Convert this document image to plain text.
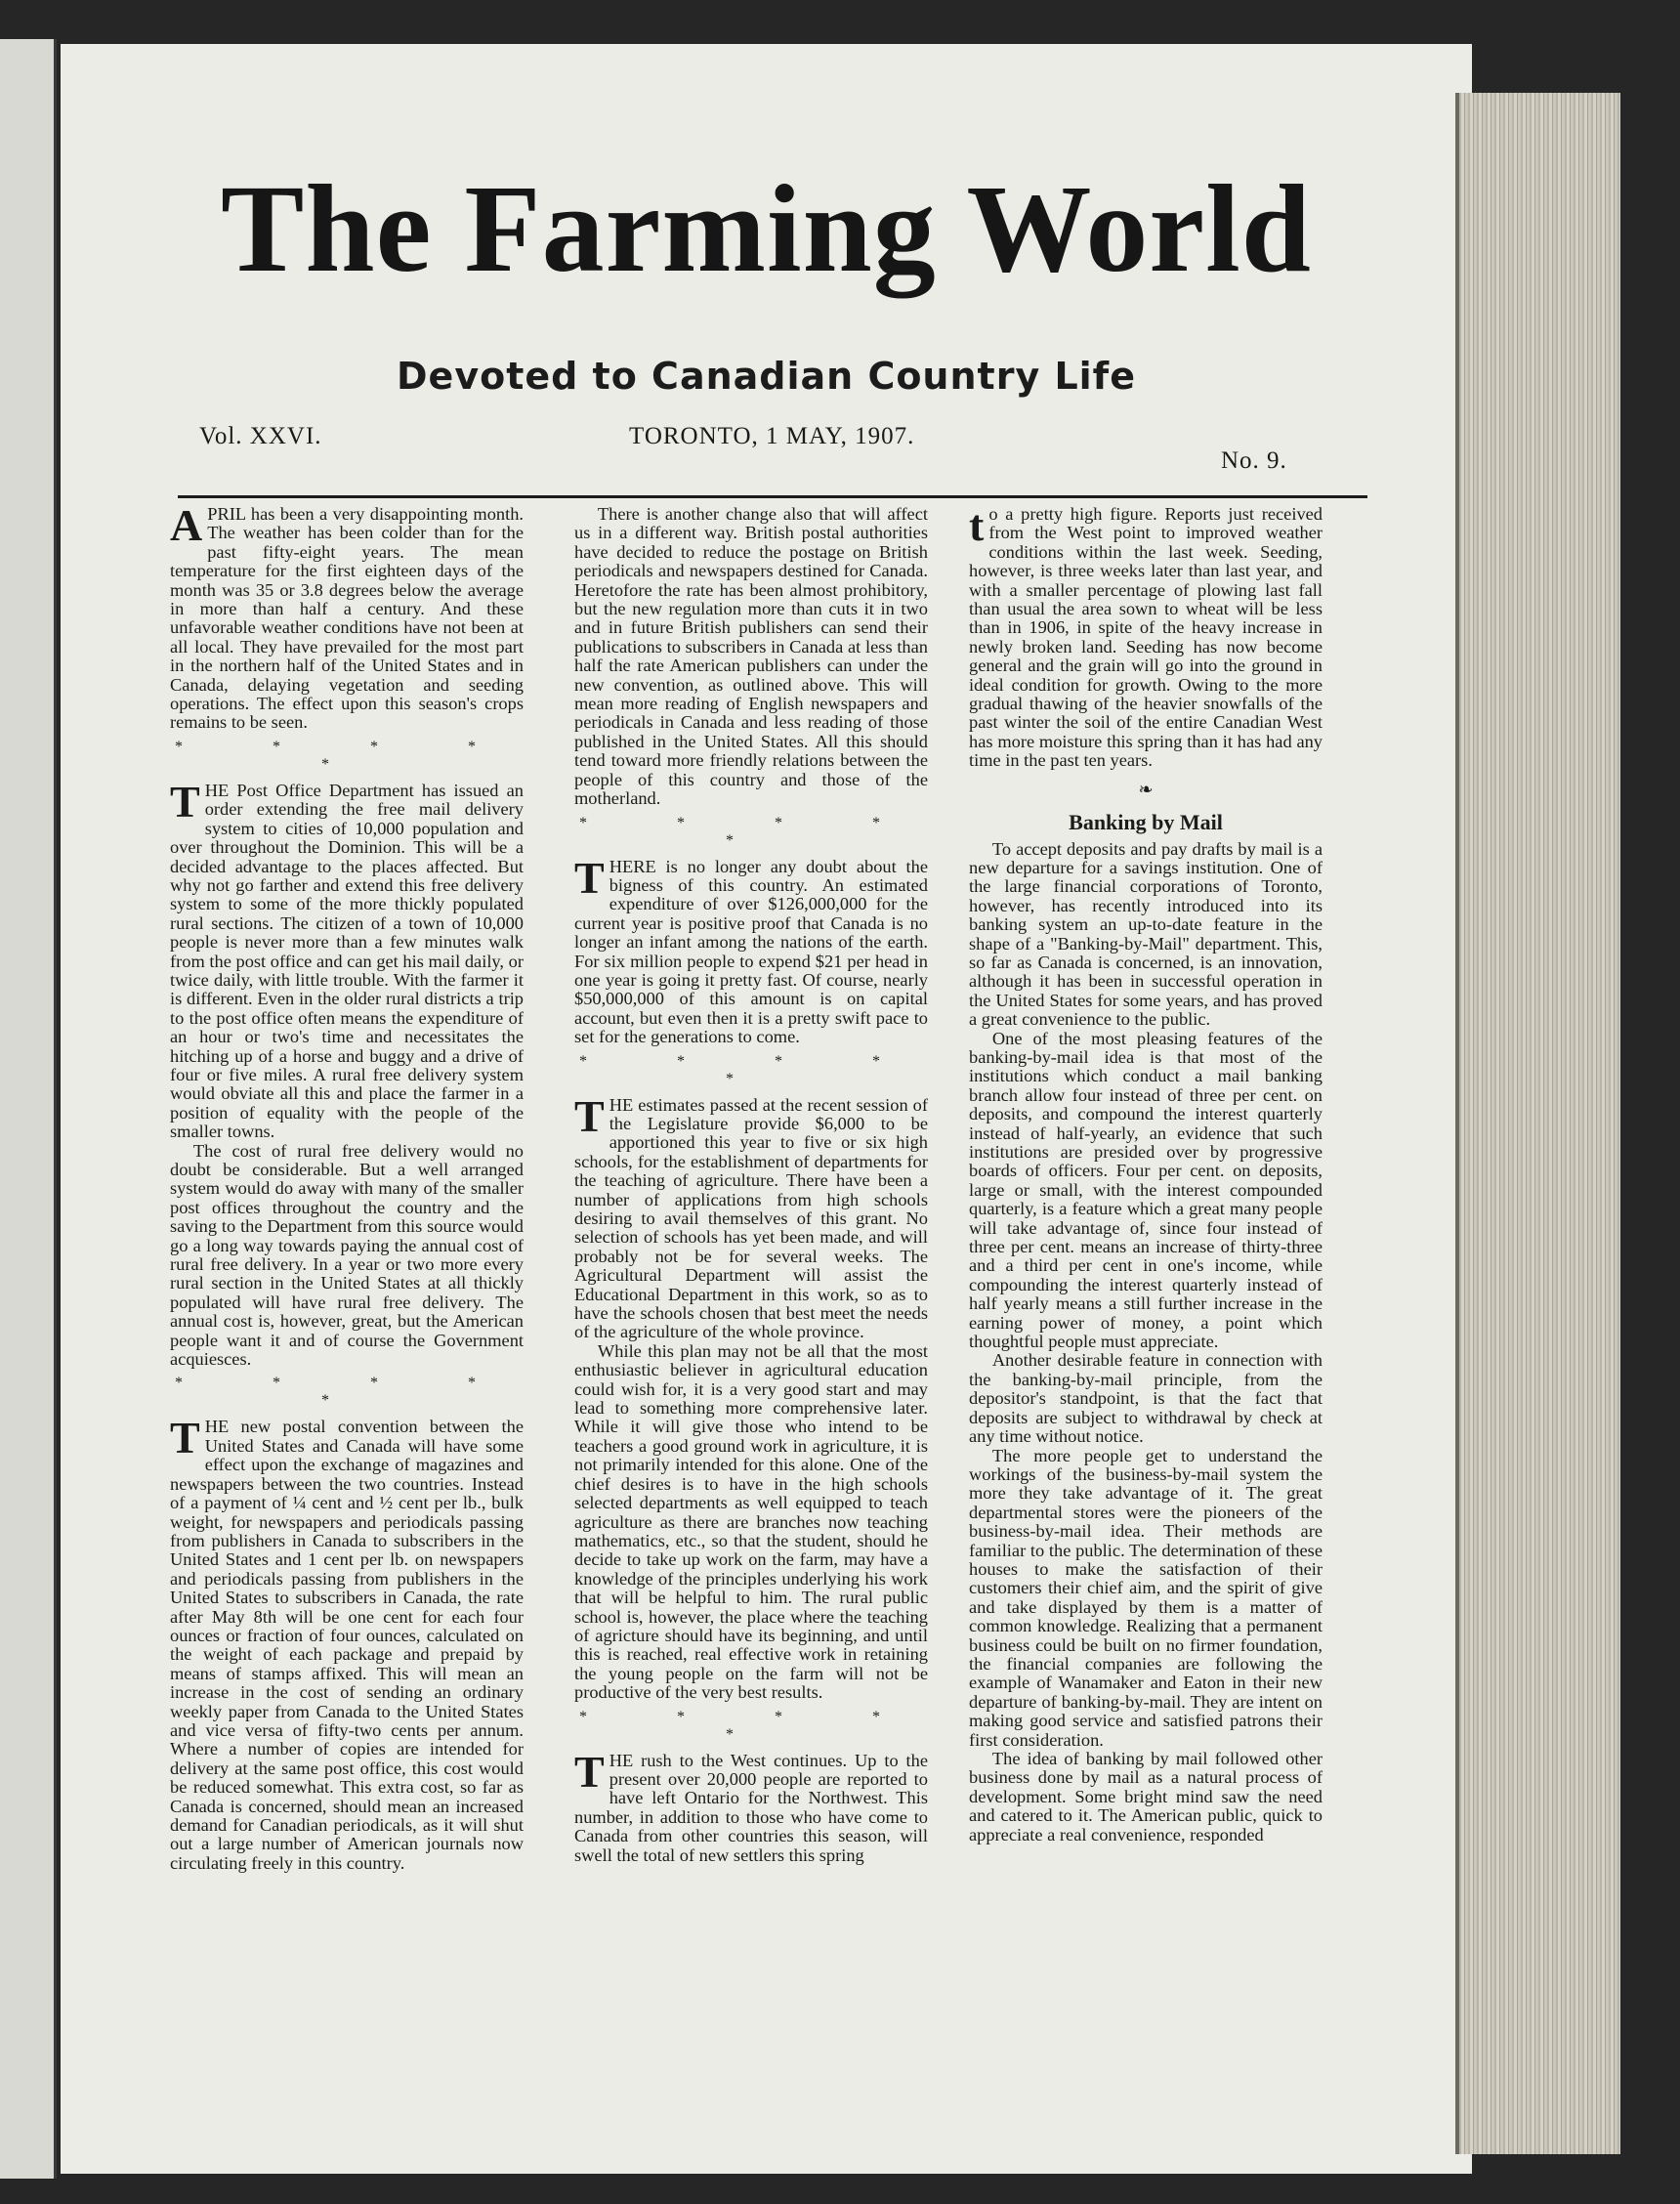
The Farming World
Devoted to Canadian Country Life
Vol. XXVI.	TORONTO, 1 MAY, 1907.
No. 9.

APRIL has been a very disappointing month. The weather has been colder than for the past fifty-eight years. The mean temperature for the first eighteen days of the month was 35 or 3.8 degrees below the average in more than half a century. And these unfavorable weather conditions have not been at all local. They have prevailed for the most part in the northern half of the United States and in Canada, delaying vegetation and seeding operations. The effect upon this season's crops remains to be seen.

* * * * *

THE Post Office Department has issued an order extending the free mail delivery system to cities of 10,000 population and over throughout the Dominion. This will be a decided advantage to the places affected. But why not go farther and extend this free delivery system to some of the more thickly populated rural sections. The citizen of a town of 10,000 people is never more than a few minutes walk from the post office and can get his mail daily, or twice daily, with little trouble. With the farmer it is different. Even in the older rural districts a trip to the post office often means the expenditure of an hour or two's time and necessitates the hitching up of a horse and buggy and a drive of four or five miles. A rural free delivery system would obviate all this and place the farmer in a position of equality with the people of the smaller towns.

The cost of rural free delivery would no doubt be considerable. But a well arranged system would do away with many of the smaller post offices throughout the country and the saving to the Department from this source would go a long way towards paying the annual cost of rural free delivery. In a year or two more every rural section in the United States at all thickly populated will have rural free delivery. The annual cost is, however, great, but the American people want it and of course the Government acquiesces.

* * * * *

THE new postal convention between the United States and Canada will have some effect upon the exchange of magazines and newspapers between the two countries. Instead of a payment of ¼ cent and ½ cent per lb., bulk weight, for newspapers and periodicals passing from publishers in Canada to subscribers in the United States and 1 cent per lb. on newspapers and periodicals passing from publishers in the United States to subscribers in Canada, the rate after May 8th will be one cent for each four ounces or fraction of four ounces, calculated on the weight of each package and prepaid by means of stamps affixed. This will mean an increase in the cost of sending an ordinary weekly paper from Canada to the United States and vice versa of fifty-two cents per annum. Where a number of copies are intended for delivery at the same post office, this cost would be reduced somewhat. This extra cost, so far as Canada is concerned, should mean an increased demand for Canadian periodicals, as it will shut out a large number of American journals now circulating freely in this country.

There is another change also that will affect us in a different way. British postal authorities have decided to reduce the postage on British periodicals and newspapers destined for Canada. Heretofore the rate has been almost prohibitory, but the new regulation more than cuts it in two and in future British publishers can send their publications to subscribers in Canada at less than half the rate American publishers can under the new convention, as outlined above. This will mean more reading of English newspapers and periodicals in Canada and less reading of those published in the United States. All this should tend toward more friendly relations between the people of this country and those of the motherland.

* * * * *

THERE is no longer any doubt about the bigness of this country. An estimated expenditure of over $126,000,000 for the current year is positive proof that Canada is no longer an infant among the nations of the earth. For six million people to expend $21 per head in one year is going it pretty fast. Of course, nearly $50,000,000 of this amount is on capital account, but even then it is a pretty swift pace to set for the generations to come.

* * * * *

THE estimates passed at the recent session of the Legislature provide $6,000 to be apportioned this year to five or six high schools, for the establishment of departments for the teaching of agriculture. There have been a number of applications from high schools desiring to avail themselves of this grant. No selection of schools has yet been made, and will probably not be for several weeks. The Agricultural Department will assist the Educational Department in this work, so as to have the schools chosen that best meet the needs of the agriculture of the whole province.

While this plan may not be all that the most enthusiastic believer in agricultural education could wish for, it is a very good start and may lead to something more comprehensive later. While it will give those who intend to be teachers a good ground work in agriculture, it is not primarily intended for this alone. One of the chief desires is to have in the high schools selected departments as well equipped to teach agriculture as there are branches now teaching mathematics, etc., so that the student, should he decide to take up work on the farm, may have a knowledge of the principles underlying his work that will be helpful to him. The rural public school is, however, the place where the teaching of agricture should have its beginning, and until this is reached, real effective work in retaining the young people on the farm will not be productive of the very best results.

* * * * *

THE rush to the West continues. Up to the present over 20,000 people are reported to have left Ontario for the Northwest. This number, in addition to those who have come to Canada from other countries this season, will swell the total of new settlers this spring

to a pretty high figure. Reports just received from the West point to improved weather conditions within the last week. Seeding, however, is three weeks later than last year, and with a smaller percentage of plowing last fall than usual the area sown to wheat will be less than in 1906, in spite of the heavy increase in newly broken land. Seeding has now become general and the grain will go into the ground in ideal condition for growth. Owing to the more gradual thawing of the heavier snowfalls of the past winter the soil of the entire Canadian West has more moisture this spring than it has had any time in the past ten years.

❧
Banking by Mail

To accept deposits and pay drafts by mail is a new departure for a savings institution. One of the large financial corporations of Toronto, however, has recently introduced into its banking system an up-to-date feature in the shape of a "Banking-by-Mail" department. This, so far as Canada is concerned, is an innovation, although it has been in successful operation in the United States for some years, and has proved a great convenience to the public.

One of the most pleasing features of the banking-by-mail idea is that most of the institutions which conduct a mail banking branch allow four instead of three per cent. on deposits, and compound the interest quarterly instead of half-yearly, an evidence that such institutions are presided over by progressive boards of officers. Four per cent. on deposits, large or small, with the interest compounded quarterly, is a feature which a great many people will take advantage of, since four instead of three per cent. means an increase of thirty-three and a third per cent in one's income, while compounding the interest quarterly instead of half yearly means a still further increase in the earning power of money, a point which thoughtful people must appreciate.

Another desirable feature in connection with the banking-by-mail principle, from the depositor's standpoint, is that the fact that deposits are subject to withdrawal by check at any time without notice.

The more people get to understand the workings of the business-by-mail system the more they take advantage of it. The great departmental stores were the pioneers of the business-by-mail idea. Their methods are familiar to the public. The determination of these houses to make the satisfaction of their customers their chief aim, and the spirit of give and take displayed by them is a matter of common knowledge. Realizing that a permanent business could be built on no firmer foundation, the financial companies are following the example of Wanamaker and Eaton in their new departure of banking-by-mail. They are intent on making good service and satisfied patrons their first consideration.

The idea of banking by mail followed other business done by mail as a natural process of development. Some bright mind saw the need and catered to it. The American public, quick to appreciate a real convenience, responded
